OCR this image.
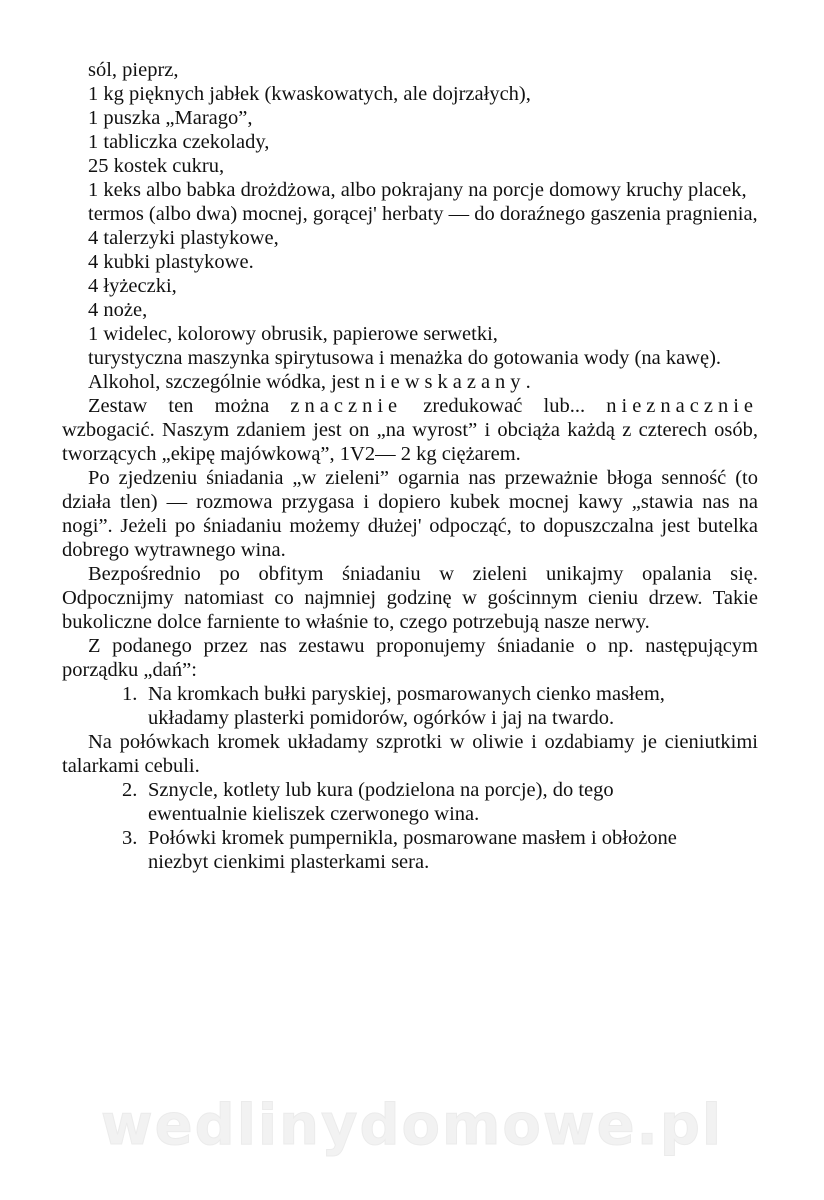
sól, pieprz,

1 kg pięknych jabłek (kwaskowatych, ale dojrzałych),

1 puszka „Marago”,

1 tabliczka czekolady,

25 kostek cukru,

1 keks albo babka drożdżowa, albo pokrajany na porcje domowy kruchy placek,

termos (albo dwa) mocnej, gorącej' herbaty — do doraźnego gaszenia pragnienia,

4 talerzyki plastykowe,

4 kubki plastykowe.

4 łyżeczki,

4 noże,

1 widelec, kolorowy obrusik, papierowe serwetki,

turystyczna maszynka spirytusowa i menażka do gotowania wody (na kawę).

Alkohol, szczególnie wódka, jest niewskazany.

Zestaw ten można znacznie zredukować lub... nieznacznie wzbogacić. Naszym zdaniem jest on „na wyrost” i obciąża każdą z czterech osób, tworzących „ekipę majówkową”, 1V2— 2 kg ciężarem.

Po zjedzeniu śniadania „w zieleni” ogarnia nas przeważnie błoga senność (to działa tlen) — rozmowa przygasa i dopiero kubek mocnej kawy „stawia nas na nogi”. Jeżeli po śniadaniu możemy dłużej' odpocząć, to dopuszczalna jest butelka dobrego wytrawnego wina.

Bezpośrednio po obfitym śniadaniu w zieleni unikajmy opalania się. Odpocznijmy natomiast co najmniej godzinę w gościnnym cieniu drzew. Takie bukoliczne dolce farniente to właśnie to, czego potrzebują nasze nerwy.

Z podanego przez nas zestawu proponujemy śniadanie o np. następującym porządku „dań”:

1. Na kromkach bułki paryskiej, posmarowanych cienko masłem,
układamy plasterki pomidorów, ogórków i jaj na twardo.

Na połówkach kromek układamy szprotki w oliwie i ozdabiamy je cieniutkimi talarkami cebuli.

2. Sznycle, kotlety lub kura (podzielona na porcje), do tego
ewentualnie kieliszek czerwonego wina.
3. Połówki kromek pumpernikla, posmarowane masłem i obłożone
niezbyt cienkimi plasterkami sera.
wedlinydomowe.pl
